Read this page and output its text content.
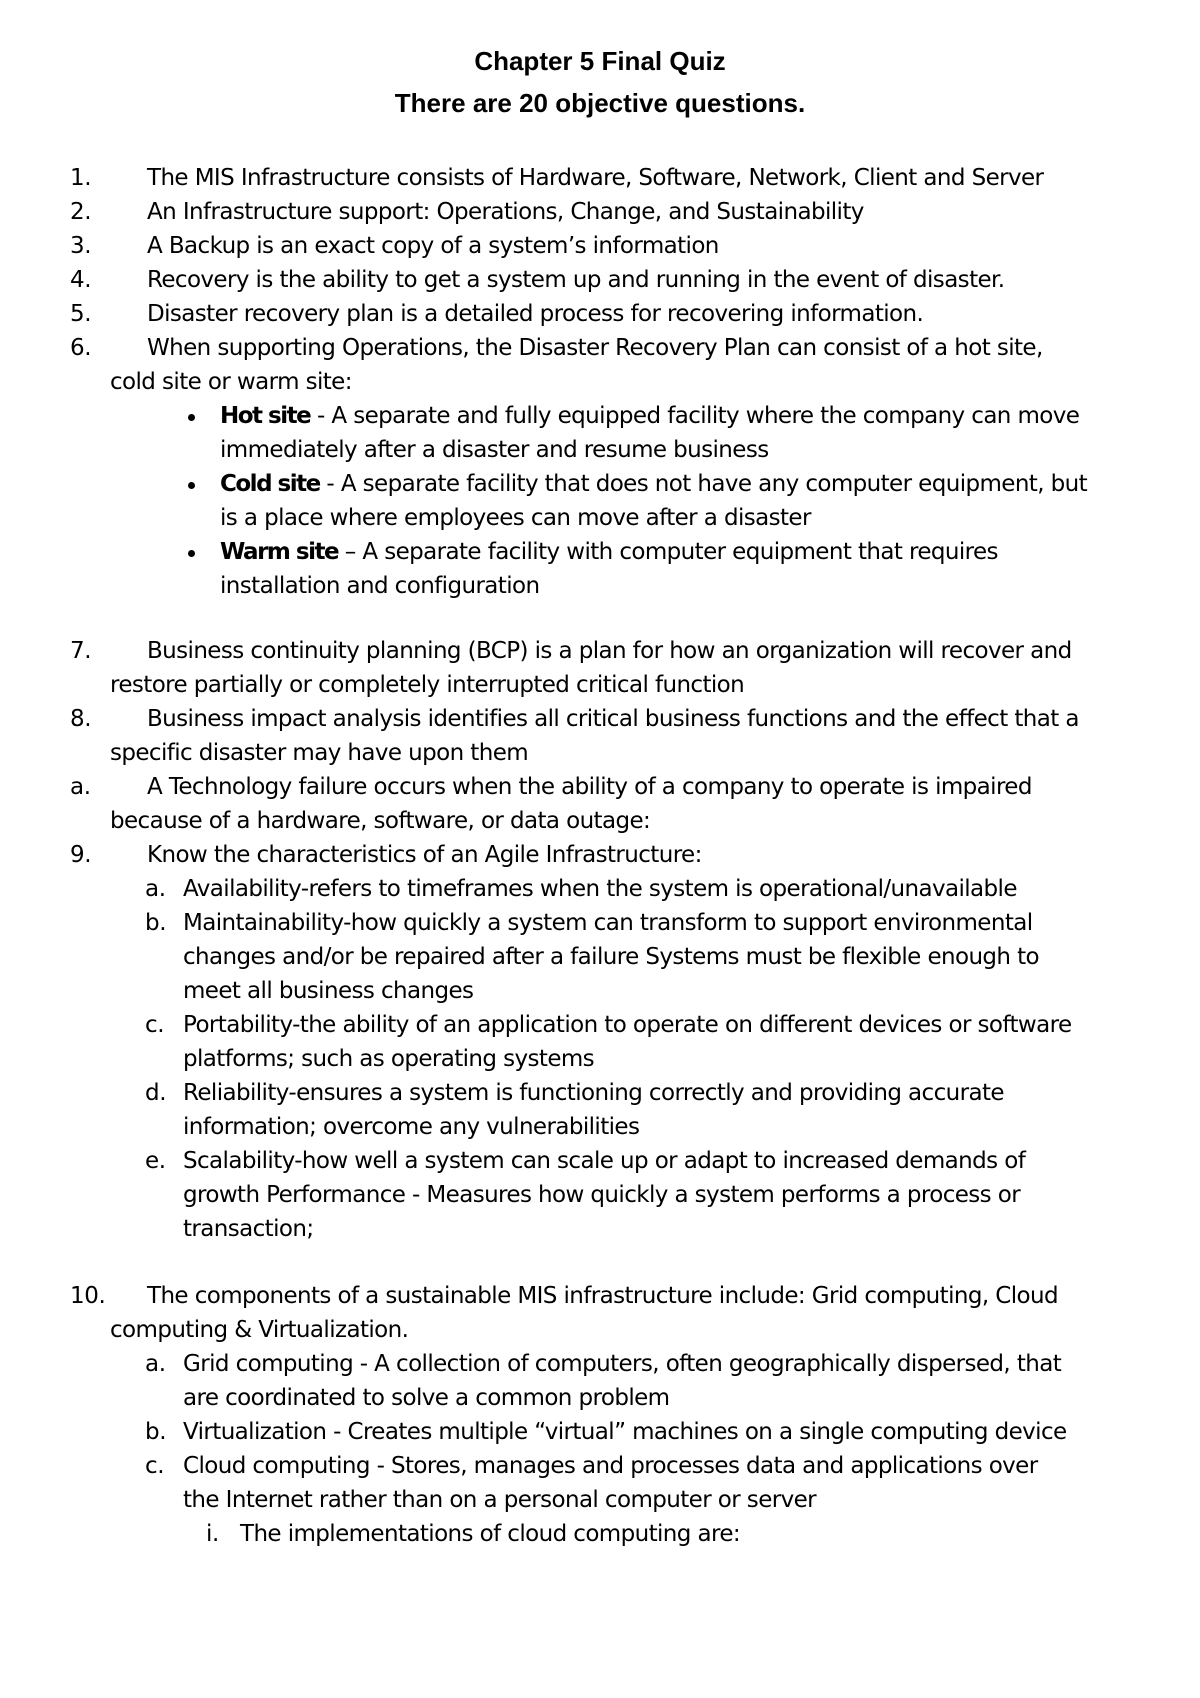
Chapter 5 Final Quiz
There are 20 objective questions.
1. The MIS Infrastructure consists of Hardware, Software, Network, Client and Server
2. An Infrastructure support: Operations, Change, and Sustainability
3. A Backup is an exact copy of a system’s information
4. Recovery is the ability to get a system up and running in the event of disaster.
5. Disaster recovery plan is a detailed process for recovering information.
6. When supporting Operations, the Disaster Recovery Plan can consist of a hot site,
cold site or warm site:
Hot site - A separate and fully equipped facility where the company can move
immediately after a disaster and resume business
Cold site - A separate facility that does not have any computer equipment, but
is a place where employees can move after a disaster
Warm site – A separate facility with computer equipment that requires
installation and configuration
7. Business continuity planning (BCP) is a plan for how an organization will recover and
restore partially or completely interrupted critical function
8. Business impact analysis identifies all critical business functions and the effect that a
specific disaster may have upon them
a. A Technology failure occurs when the ability of a company to operate is impaired
because of a hardware, software, or data outage:
9. Know the characteristics of an Agile Infrastructure:
a. Availability-refers to timeframes when the system is operational/unavailable
b. Maintainability-how quickly a system can transform to support environmental
changes and/or be repaired after a failure Systems must be flexible enough to
meet all business changes
c. Portability-the ability of an application to operate on different devices or software
platforms; such as operating systems
d. Reliability-ensures a system is functioning correctly and providing accurate
information; overcome any vulnerabilities
e. Scalability-how well a system can scale up or adapt to increased demands of
growth Performance - Measures how quickly a system performs a process or
transaction;
10. The components of a sustainable MIS infrastructure include: Grid computing, Cloud
computing & Virtualization.
a. Grid computing - A collection of computers, often geographically dispersed, that
are coordinated to solve a common problem
b. Virtualization - Creates multiple “virtual” machines on a single computing device
c. Cloud computing - Stores, manages and processes data and applications over
the Internet rather than on a personal computer or server
i. The implementations of cloud computing are:
